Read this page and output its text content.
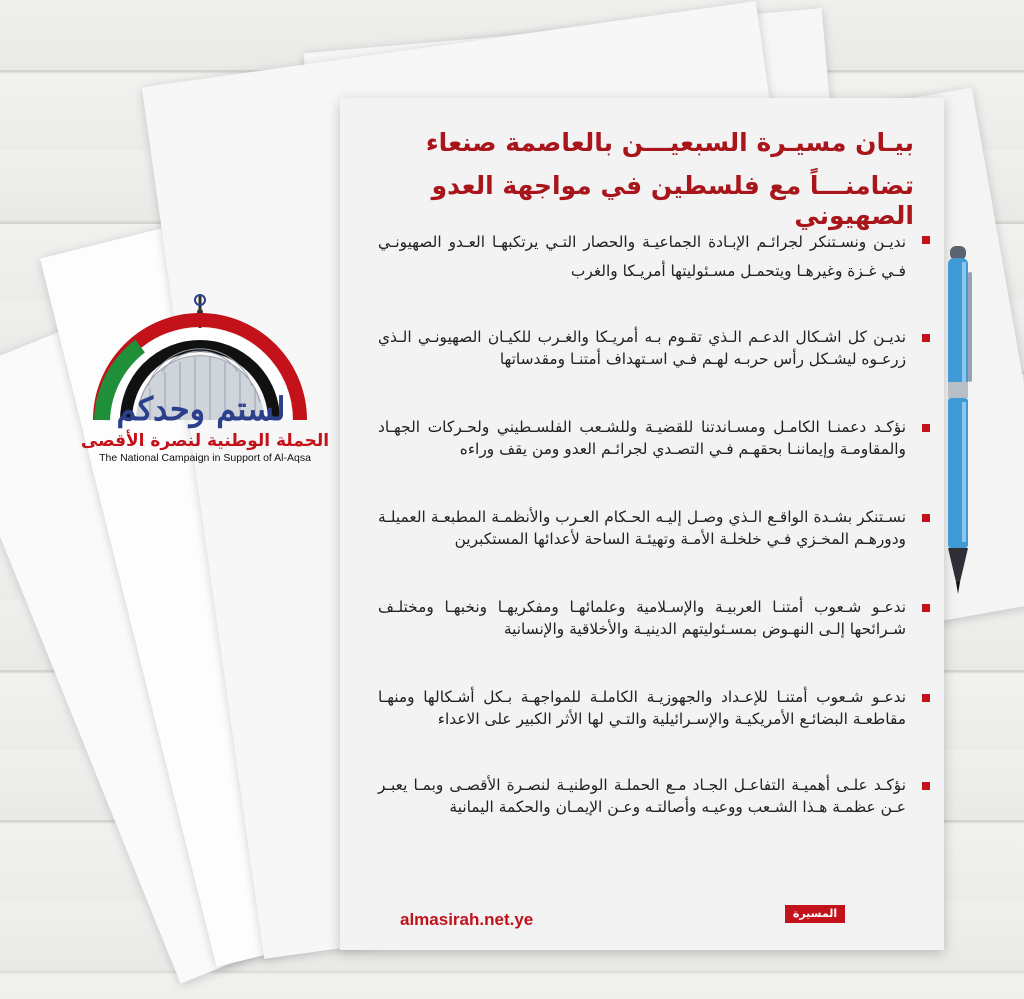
لستم وحدكم
الحملة الوطنية لنصرة الأقصى
The National Campaign in Support of Al-Aqsa
بيـان مسيـرة السبعيـــن بالعاصمة صنعاء
تضامنـــاً مع فلسطين في مواجهة العدو الصهيوني
نديـن ونسـتنكر لجرائـم الإبـادة الجماعيـة والحصار التـي يرتكبهـا العـدو الصهيونـي فـي غـزة وغيرهـا ويتحمـل مسـئوليتها أمريـكا والغرب
نديـن كل اشـكال الدعـم الـذي تقـوم بـه أمريـكا والغـرب للكيـان الصهيونـي الـذي زرعـوه ليشـكل رأس حربـه لهـم فـي اسـتهداف أمتنـا ومقدساتها
نؤكـد دعمنـا الكامـل ومسـاندتنا للقضيـة وللشـعب الفلسـطيني ولحـركات الجهـاد والمقاومـة وإيماننـا بحقهـم فـي التصـدي لجرائـم العدو ومن يقف وراءه
نسـتنكر بشـدة الواقـع الـذي وصـل إليـه الحـكام العـرب والأنظمـة المطبعـة العميلـة ودورهـم المخـزي فـي خلخلـة الأمـة وتهيئـة الساحة لأعدائها المستكبرين
ندعـو شـعوب أمتنـا العربيـة والإسـلامية وعلمائهـا ومفكريهـا ونخبهـا ومختلـف شـرائحها إلـى النهـوض بمسـئوليتهم الدينيـة والأخلاقية والإنسانية
ندعـو شـعوب أمتنـا للإعـداد والجهوزيـة الكاملـة للمواجهـة بـكل أشـكالها ومنهـا مقاطعـة البضائـع الأمريكيـة والإسـرائيلية والتـي لها الأثر الكبير على الاعداء
نؤكـد علـى أهميـة التفاعـل الجـاد مـع الحملـة الوطنيـة لنصـرة الأقصـى وبمـا يعبـر عـن عظمـة هـذا الشـعب ووعيـه وأصالتـه وعـن الإيمـان والحكمة اليمانية
almasirah.net.ye	المسيرة
